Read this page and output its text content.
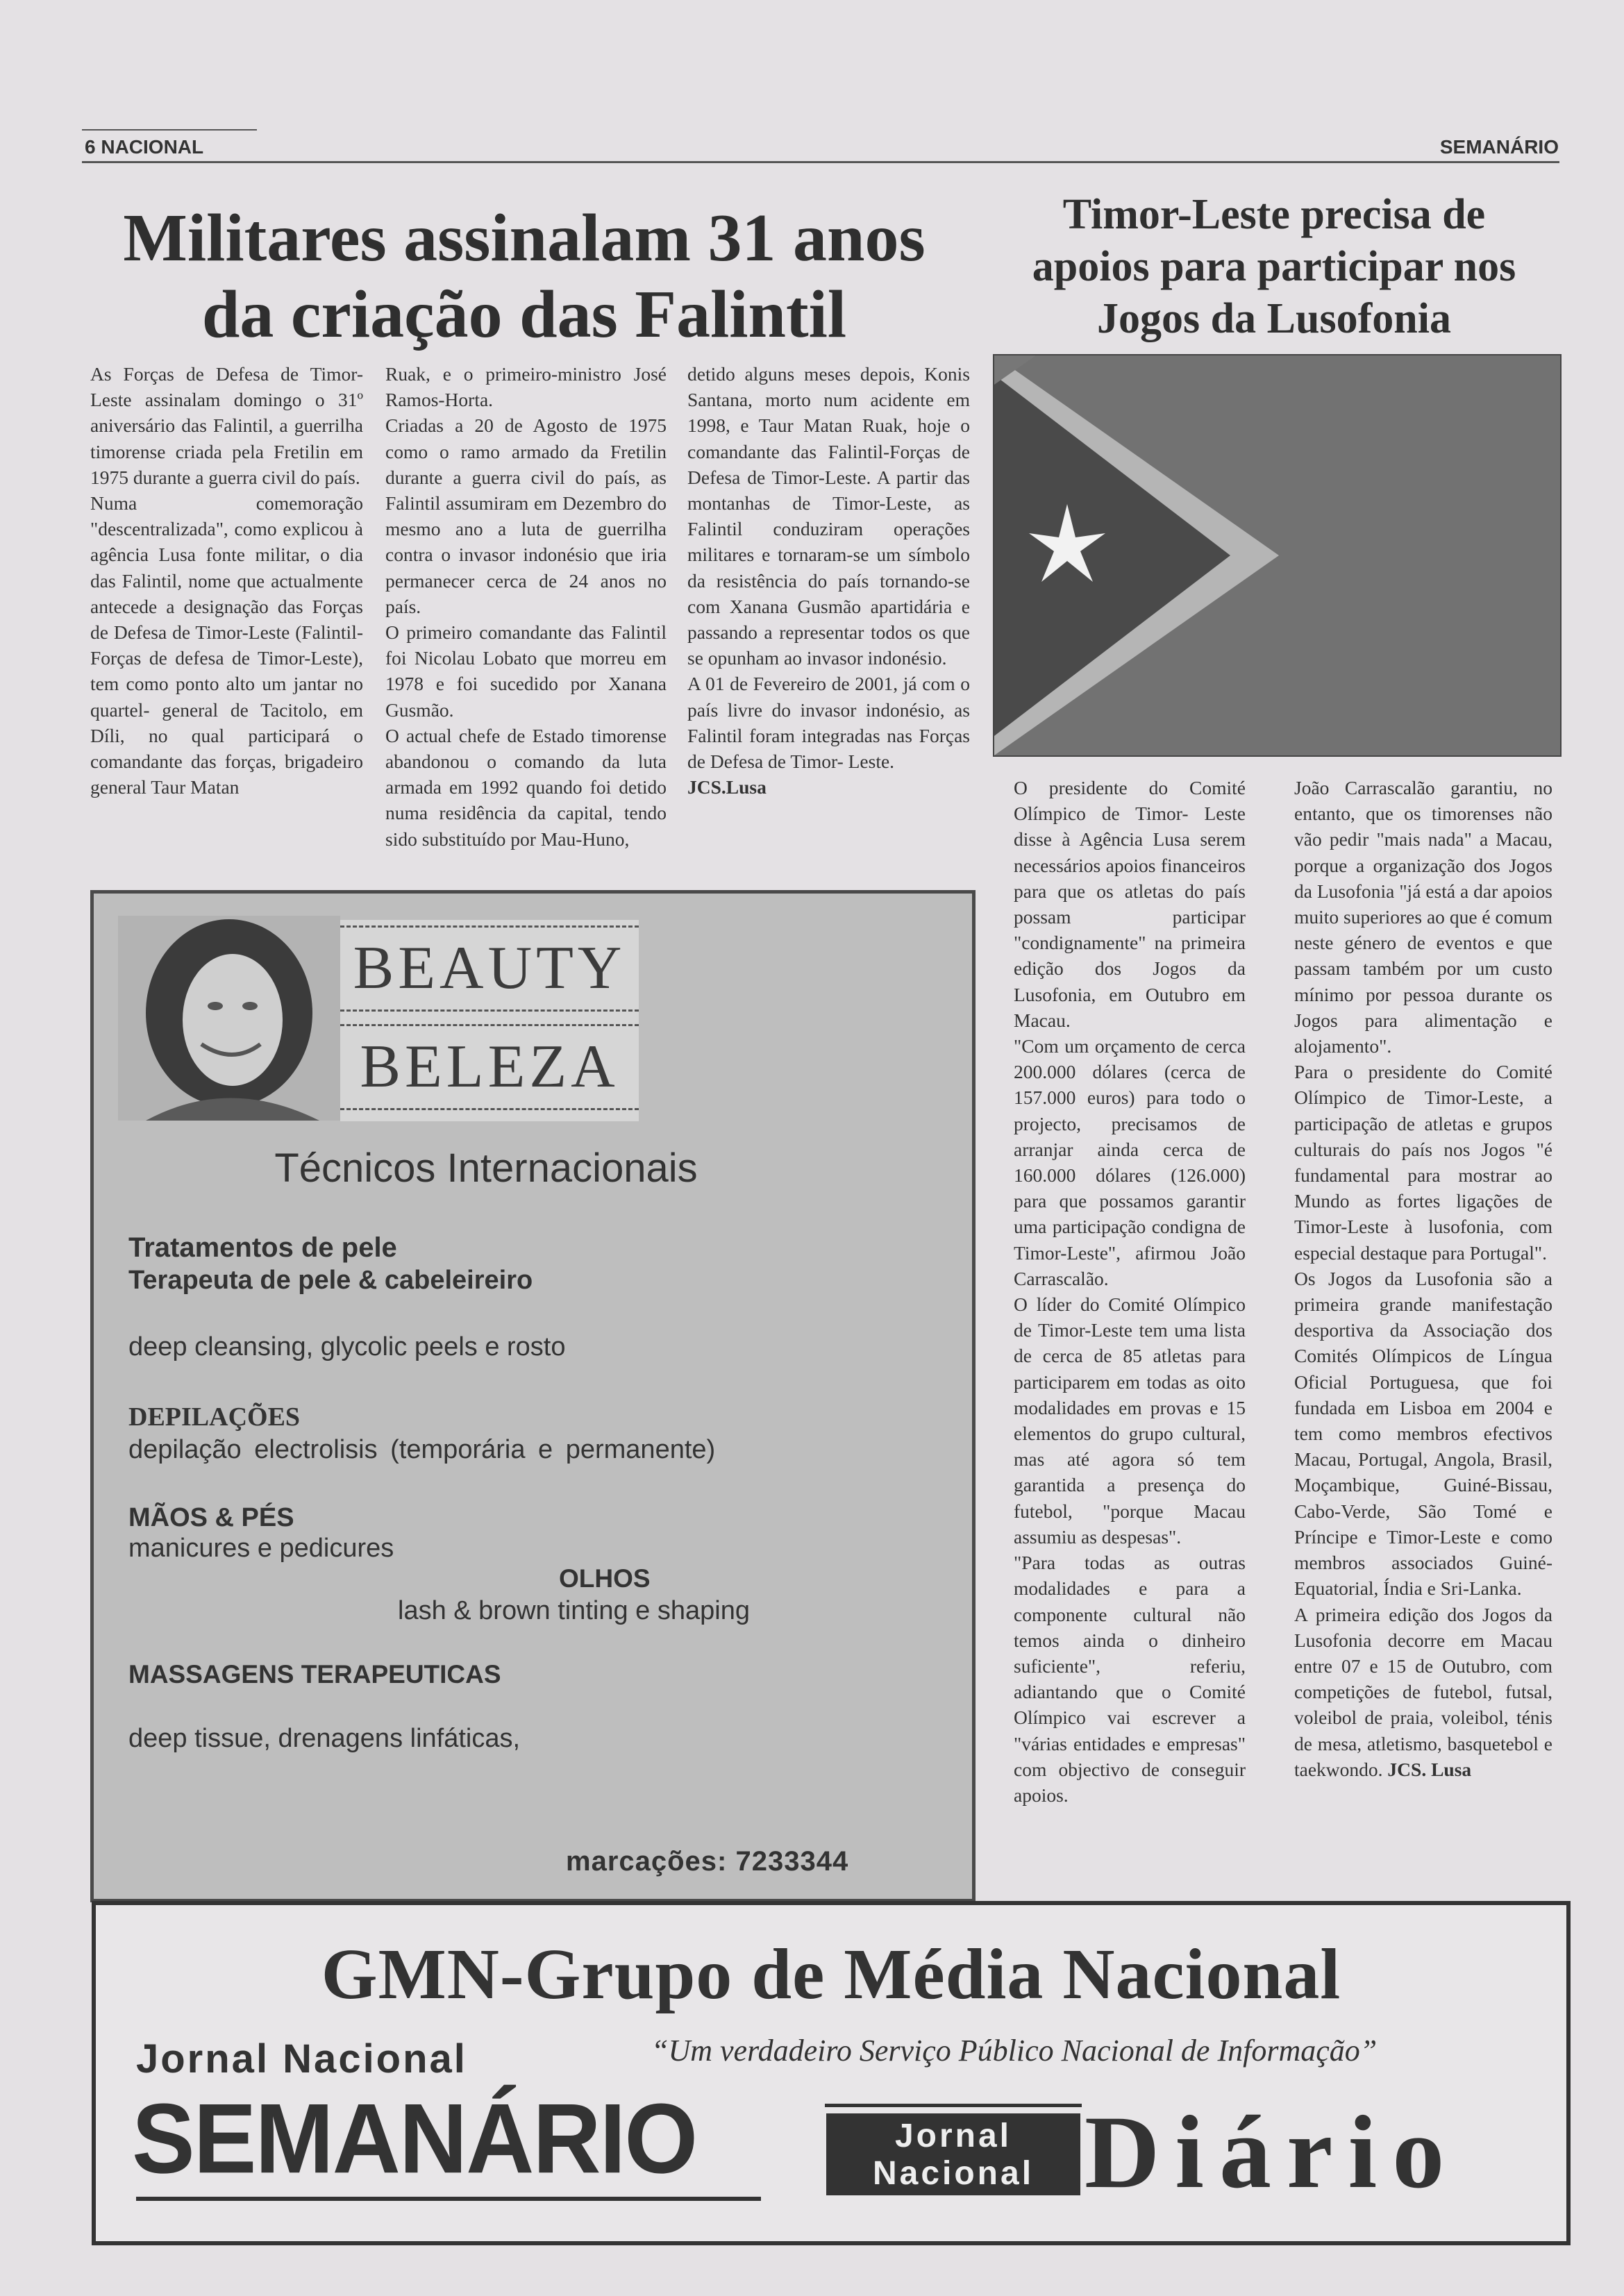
6 NACIONAL	SEMANÁRIO
Militares assinalam 31 anos
da criação das Falintil

As Forças de Defesa de Timor-Leste assinalam domingo o 31º aniversário das Falintil, a guerrilha timorense criada pela Fretilin em 1975 durante a guerra civil do país.

Numa comemoração "descentralizada", como explicou à agência Lusa fonte militar, o dia das Falintil, nome que actualmente antecede a designação das Forças de Defesa de Timor-Leste (Falintil-Forças de defesa de Timor-Leste), tem como ponto alto um jantar no quartel- general de Tacitolo, em Díli, no qual participará o comandante das forças, brigadeiro general Taur Matan

Ruak, e o primeiro-ministro José Ramos-Horta.

Criadas a 20 de Agosto de 1975 como o ramo armado da Fretilin durante a guerra civil do país, as Falintil assumiram em Dezembro do mesmo ano a luta de guerrilha contra o invasor indonésio que iria permanecer cerca de 24 anos no país.

O primeiro comandante das Falintil foi Nicolau Lobato que morreu em 1978 e foi sucedido por Xanana Gusmão.

O actual chefe de Estado timorense abandonou o comando da luta armada em 1992 quando foi detido numa residência da capital, tendo sido substituído por Mau-Huno,

detido alguns meses depois, Konis Santana, morto num acidente em 1998, e Taur Matan Ruak, hoje o comandante das Falintil-Forças de Defesa de Timor-Leste. A partir das montanhas de Timor-Leste, as Falintil conduziram operações militares e tornaram-se um símbolo da resistência do país tornando-se com Xanana Gusmão apartidária e passando a representar todos os que se opunham ao invasor indonésio.

A 01 de Fevereiro de 2001, já com o país livre do invasor indonésio, as Falintil foram integradas nas Forças de Defesa de Timor- Leste.

JCS.Lusa

Timor-Leste precisa de
apoios para participar nos
Jogos da Lusofonia

O presidente do Comité Olímpico de Timor- Leste disse à Agência Lusa serem necessários apoios financeiros para que os atletas do país possam participar "condignamente" na primeira edição dos Jogos da Lusofonia, em Outubro em Macau.

"Com um orçamento de cerca 200.000 dólares (cerca de 157.000 euros) para todo o projecto, precisamos de arranjar ainda cerca de 160.000 dólares (126.000) para que possamos garantir uma participação condigna de Timor-Leste", afirmou João Carrascalão.

O líder do Comité Olímpico de Timor-Leste tem uma lista de cerca de 85 atletas para participarem em todas as oito modalidades em provas e 15 elementos do grupo cultural, mas até agora só tem garantida a presença do futebol, "porque Macau assumiu as despesas".

"Para todas as outras modalidades e para a componente cultural não temos ainda o dinheiro suficiente", referiu, adiantando que o Comité Olímpico vai escrever a "várias entidades e empresas" com objectivo de conseguir apoios.

João Carrascalão garantiu, no entanto, que os timorenses não vão pedir "mais nada" a Macau, porque a organização dos Jogos da Lusofonia "já está a dar apoios muito superiores ao que é comum neste género de eventos e que passam também por um custo mínimo por pessoa durante os Jogos para alimentação e alojamento".

Para o presidente do Comité Olímpico de Timor-Leste, a participação de atletas e grupos culturais do país nos Jogos "é fundamental para mostrar ao Mundo as fortes ligações de Timor-Leste à lusofonia, com especial destaque para Portugal".

Os Jogos da Lusofonia são a primeira grande manifestação desportiva da Associação dos Comités Olímpicos de Língua Oficial Portuguesa, que foi fundada em Lisboa em 2004 e tem como membros efectivos Macau, Portugal, Angola, Brasil, Moçambique, Guiné-Bissau, Cabo-Verde, São Tomé e Príncipe e Timor-Leste e como membros associados Guiné-Equatorial, Índia e Sri-Lanka.

A primeira edição dos Jogos da Lusofonia decorre em Macau entre 07 e 15 de Outubro, com competições de futebol, futsal, voleibol de praia, voleibol, ténis de mesa, atletismo, basquetebol e taekwondo. JCS. Lusa

BEAUTY
BELEZA
Técnicos Internacionais
Tratamentos de pele
Terapeuta de pele & cabeleireiro
deep cleansing, glycolic peels e rosto
DEPILAÇÕES
depilação electrolisis (temporária e permanente)
MÃOS & PÉS
manicures e pedicures
OLHOS
lash & brown tinting e shaping
MASSAGENS TERAPEUTICAS
deep tissue, drenagens linfáticas,
marcações: 7233344
GMN-Grupo de Média Nacional
Jornal Nacional	“Um verdadeiro Serviço Público Nacional de Informação”
SEMANÁRIO	Jornal
Nacional Diário
